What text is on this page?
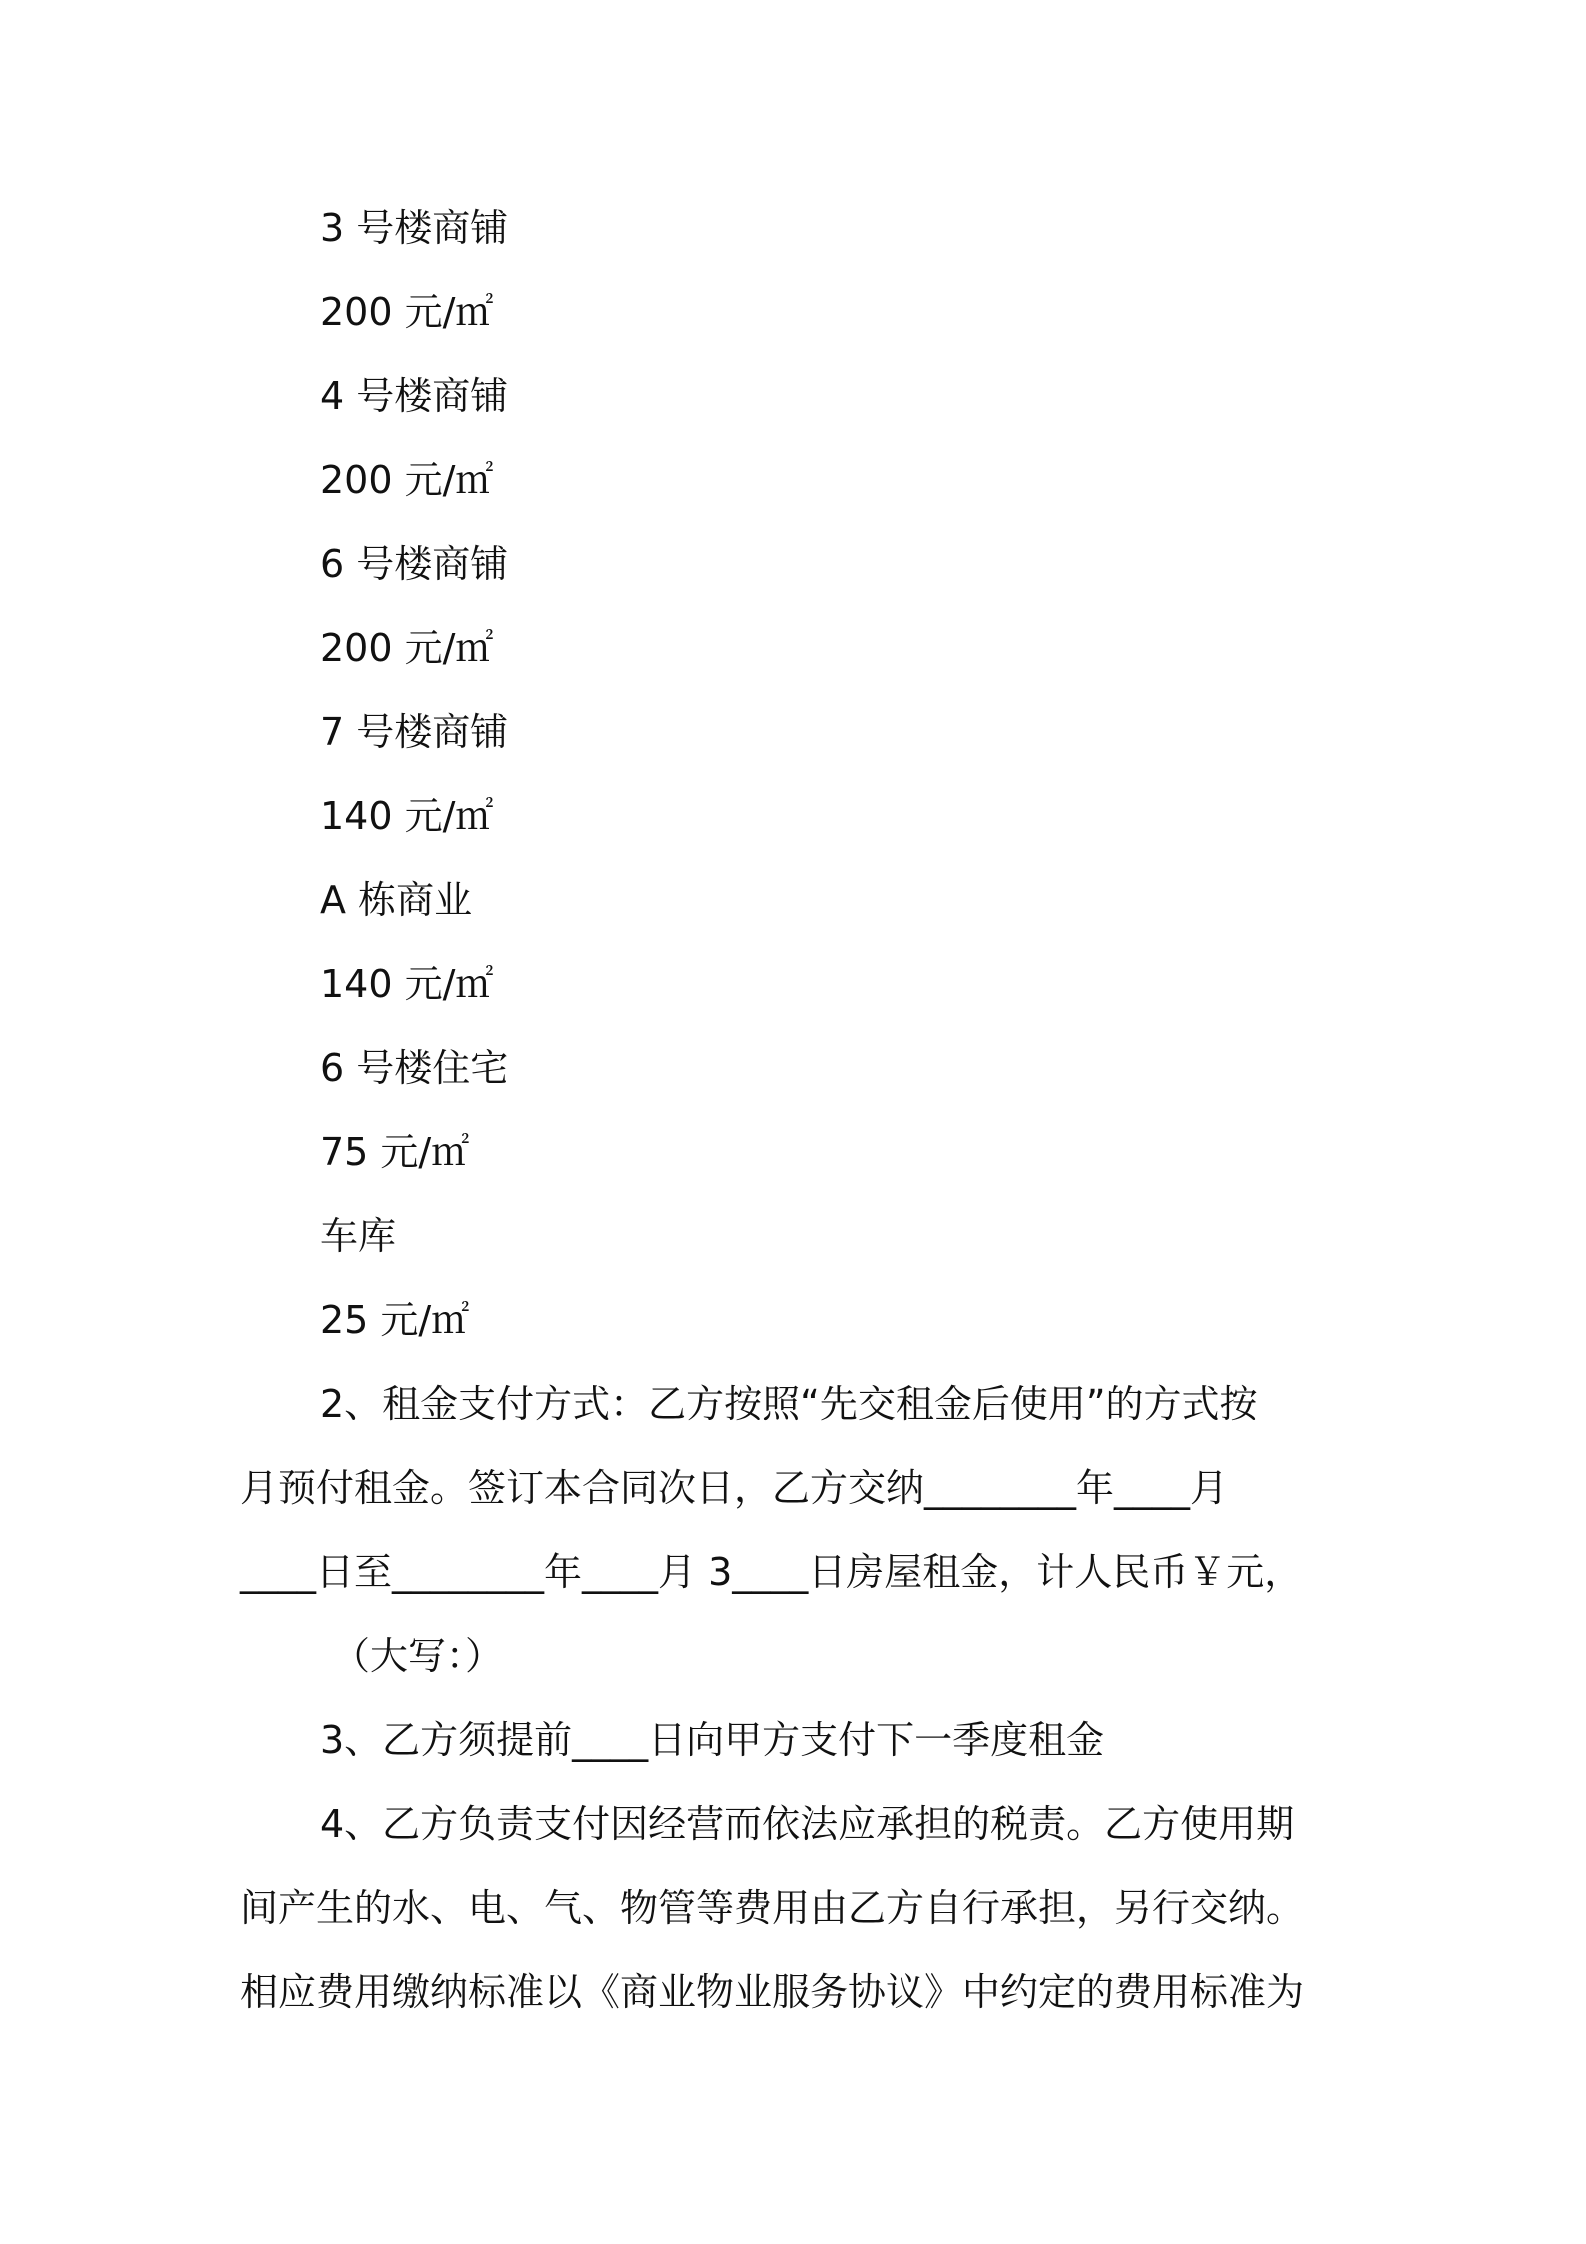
3 号楼商铺
200 元/㎡
4 号楼商铺
200 元/㎡
6 号楼商铺
200 元/㎡
7 号楼商铺
140 元/㎡
A 栋商业
140 元/㎡
6 号楼住宅
75 元/㎡
车库
25 元/㎡
2、租金支付方式：乙方按照“先交租金后使用”的方式按
月预付租金。签订本合同次日，乙方交纳________年____月
____日至________年____月 3____日房屋租金，计人民币￥元，
（大写：）
3、乙方须提前____日向甲方支付下一季度租金
4、乙方负责支付因经营而依法应承担的税责。乙方使用期
间产生的水、电、气、物管等费用由乙方自行承担，另行交纳。
相应费用缴纳标准以《商业物业服务协议》中约定的费用标准为
